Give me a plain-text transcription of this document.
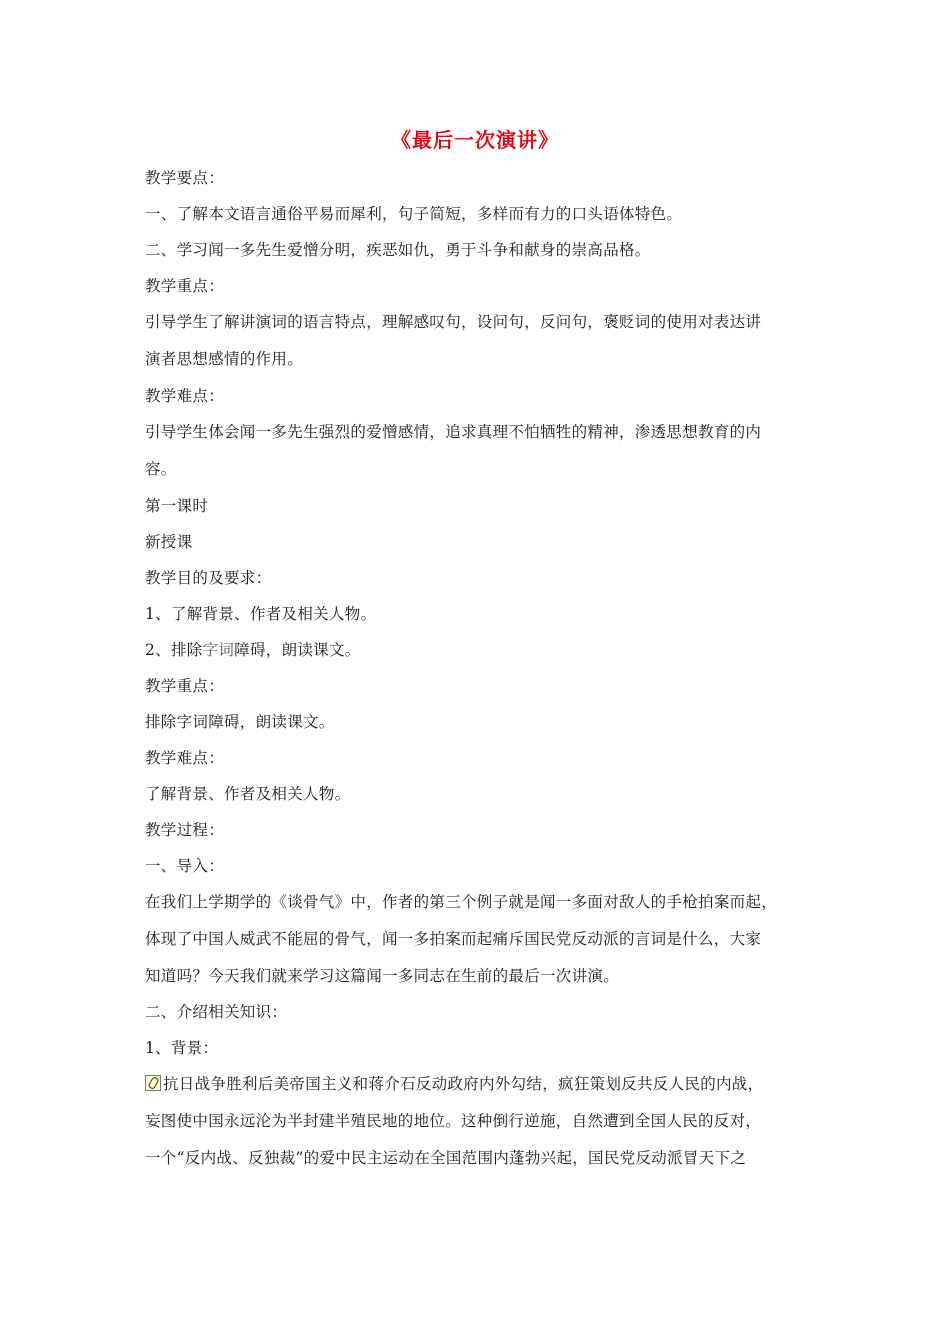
《最后一次演讲》
教学要点：
一、了解本文语言通俗平易而犀利，句子简短，多样而有力的口头语体特色。
二、学习闻一多先生爱憎分明，疾恶如仇，勇于斗争和献身的崇高品格。
教学重点：
引导学生了解讲演词的语言特点，理解感叹句，设问句，反问句，褒贬词的使用对表达讲
演者思想感情的作用。
教学难点：
引导学生体会闻一多先生强烈的爱憎感情，追求真理不怕牺牲的精神，渗透思想教育的内
容。
第一课时
新授课
教学目的及要求：
1、了解背景、作者及相关人物。
2、排除字词障碍，朗读课文。
教学重点：
排除字词障碍，朗读课文。
教学难点：
了解背景、作者及相关人物。
教学过程：
一、导入：
在我们上学期学的《谈骨气》中，作者的第三个例子就是闻一多面对敌人的手枪拍案而起，
体现了中国人威武不能屈的骨气，闻一多拍案而起痛斥国民党反动派的言词是什么，大家
知道吗？今天我们就来学习这篇闻一多同志在生前的最后一次讲演。
二、介绍相关知识：
1、背景：
抗日战争胜利后美帝国主义和蒋介石反动政府内外勾结，疯狂策划反共反人民的内战，
妄图使中国永远沦为半封建半殖民地的地位。这种倒行逆施，自然遭到全国人民的反对，
一个“反内战、反独裁”的爱中民主运动在全国范围内蓬勃兴起，国民党反动派冒天下之
